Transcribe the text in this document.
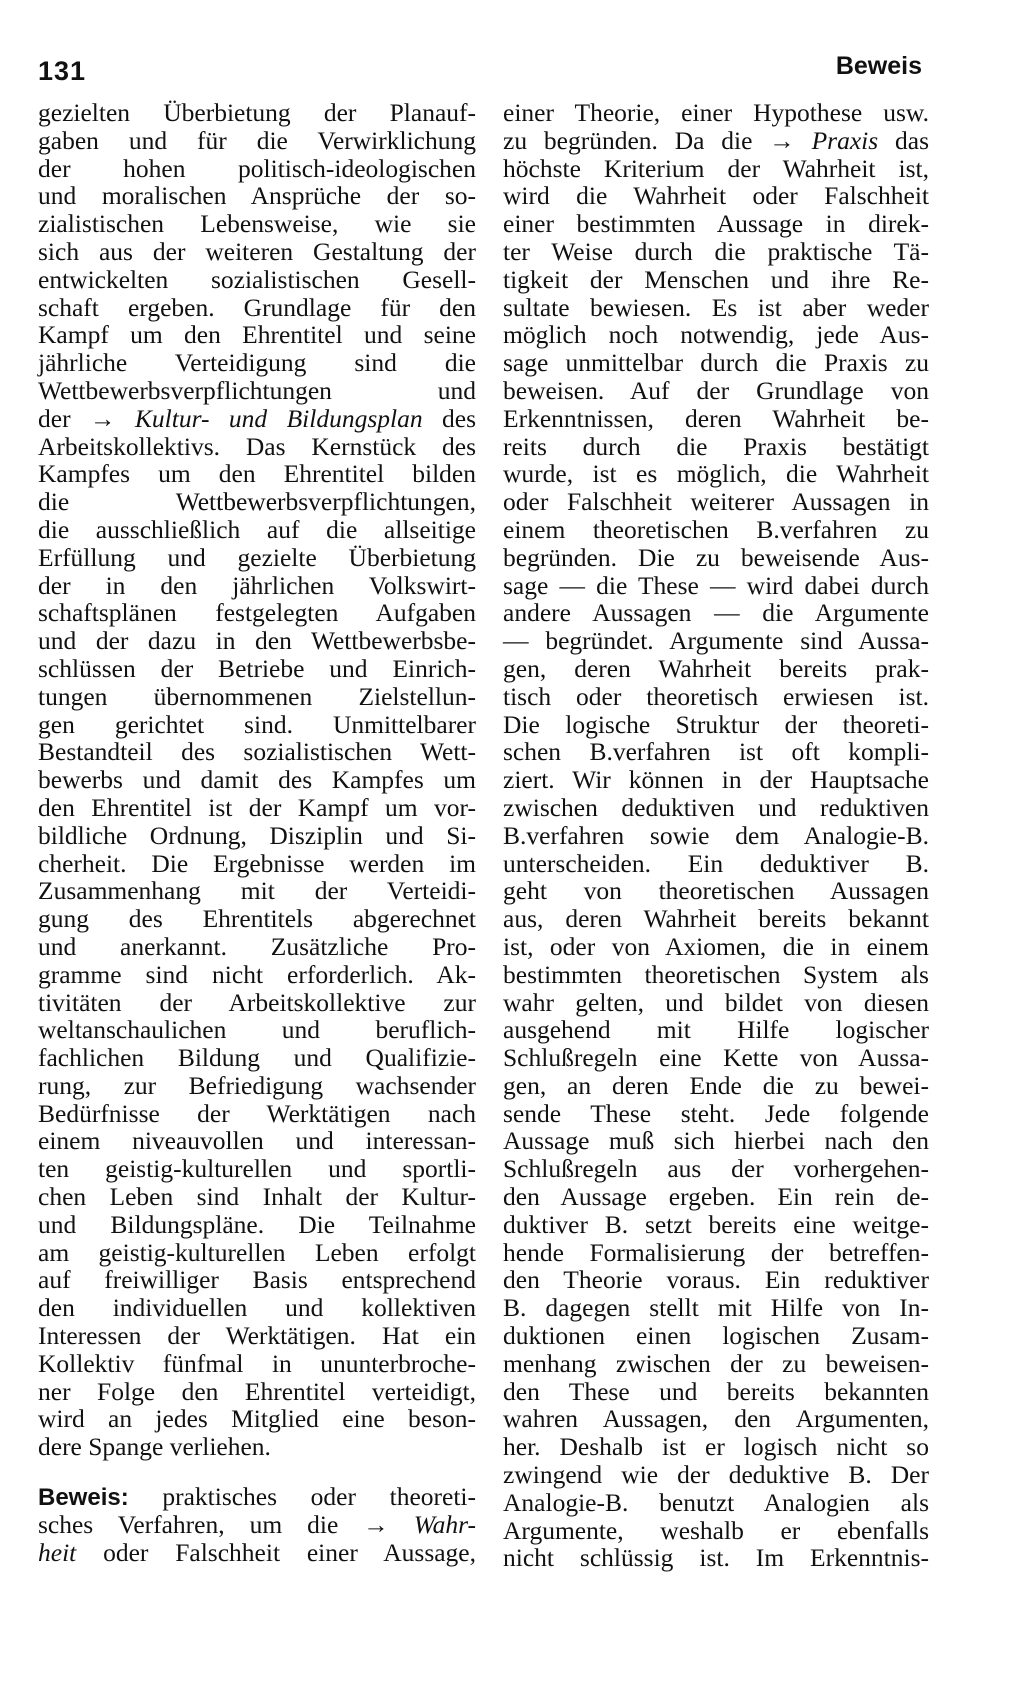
131	Beweis
gezielten Überbietung der Planauf-
gaben und für die Verwirklichung
der hohen politisch-ideologischen
und moralischen Ansprüche der so-
zialistischen Lebensweise, wie sie
sich aus der weiteren Gestaltung der
entwickelten sozialistischen Gesell-
schaft ergeben. Grundlage für den
Kampf um den Ehrentitel und seine
jährliche Verteidigung sind die
Wettbewerbsverpflichtungen und
der → Kultur- und Bildungsplan des
Arbeitskollektivs. Das Kernstück des
Kampfes um den Ehrentitel bilden
die Wettbewerbsverpflichtungen,
die ausschließlich auf die allseitige
Erfüllung und gezielte Überbietung
der in den jährlichen Volkswirt-
schaftsplänen festgelegten Aufgaben
und der dazu in den Wettbewerbsbe-
schlüssen der Betriebe und Einrich-
tungen übernommenen Zielstellun-
gen gerichtet sind. Unmittelbarer
Bestandteil des sozialistischen Wett-
bewerbs und damit des Kampfes um
den Ehrentitel ist der Kampf um vor-
bildliche Ordnung, Disziplin und Si-
cherheit. Die Ergebnisse werden im
Zusammenhang mit der Verteidi-
gung des Ehrentitels abgerechnet
und anerkannt. Zusätzliche Pro-
gramme sind nicht erforderlich. Ak-
tivitäten der Arbeitskollektive zur
weltanschaulichen und beruflich-
fachlichen Bildung und Qualifizie-
rung, zur Befriedigung wachsender
Bedürfnisse der Werktätigen nach
einem niveauvollen und interessan-
ten geistig-kulturellen und sportli-
chen Leben sind Inhalt der Kultur-
und Bildungspläne. Die Teilnahme
am geistig-kulturellen Leben erfolgt
auf freiwilliger Basis entsprechend
den individuellen und kollektiven
Interessen der Werktätigen. Hat ein
Kollektiv fünfmal in ununterbroche-
ner Folge den Ehrentitel verteidigt,
wird an jedes Mitglied eine beson-
dere Spange verliehen.
Beweis: praktisches oder theoreti-
sches Verfahren, um die → Wahr-
heit oder Falschheit einer Aussage,
einer Theorie, einer Hypothese usw.
zu begründen. Da die → Praxis das
höchste Kriterium der Wahrheit ist,
wird die Wahrheit oder Falschheit
einer bestimmten Aussage in direk-
ter Weise durch die praktische Tä-
tigkeit der Menschen und ihre Re-
sultate bewiesen. Es ist aber weder
möglich noch notwendig, jede Aus-
sage unmittelbar durch die Praxis zu
beweisen. Auf der Grundlage von
Erkenntnissen, deren Wahrheit be-
reits durch die Praxis bestätigt
wurde, ist es möglich, die Wahrheit
oder Falschheit weiterer Aussagen in
einem theoretischen B.verfahren zu
begründen. Die zu beweisende Aus-
sage — die These — wird dabei durch
andere Aussagen — die Argumente
— begründet. Argumente sind Aussa-
gen, deren Wahrheit bereits prak-
tisch oder theoretisch erwiesen ist.
Die logische Struktur der theoreti-
schen B.verfahren ist oft kompli-
ziert. Wir können in der Hauptsache
zwischen deduktiven und reduktiven
B.verfahren sowie dem Analogie-B.
unterscheiden. Ein deduktiver B.
geht von theoretischen Aussagen
aus, deren Wahrheit bereits bekannt
ist, oder von Axiomen, die in einem
bestimmten theoretischen System als
wahr gelten, und bildet von diesen
ausgehend mit Hilfe logischer
Schlußregeln eine Kette von Aussa-
gen, an deren Ende die zu bewei-
sende These steht. Jede folgende
Aussage muß sich hierbei nach den
Schlußregeln aus der vorhergehen-
den Aussage ergeben. Ein rein de-
duktiver B. setzt bereits eine weitge-
hende Formalisierung der betreffen-
den Theorie voraus. Ein reduktiver
B. dagegen stellt mit Hilfe von In-
duktionen einen logischen Zusam-
menhang zwischen der zu beweisen-
den These und bereits bekannten
wahren Aussagen, den Argumenten,
her. Deshalb ist er logisch nicht so
zwingend wie der deduktive B. Der
Analogie-B. benutzt Analogien als
Argumente, weshalb er ebenfalls
nicht schlüssig ist. Im Erkenntnis-
